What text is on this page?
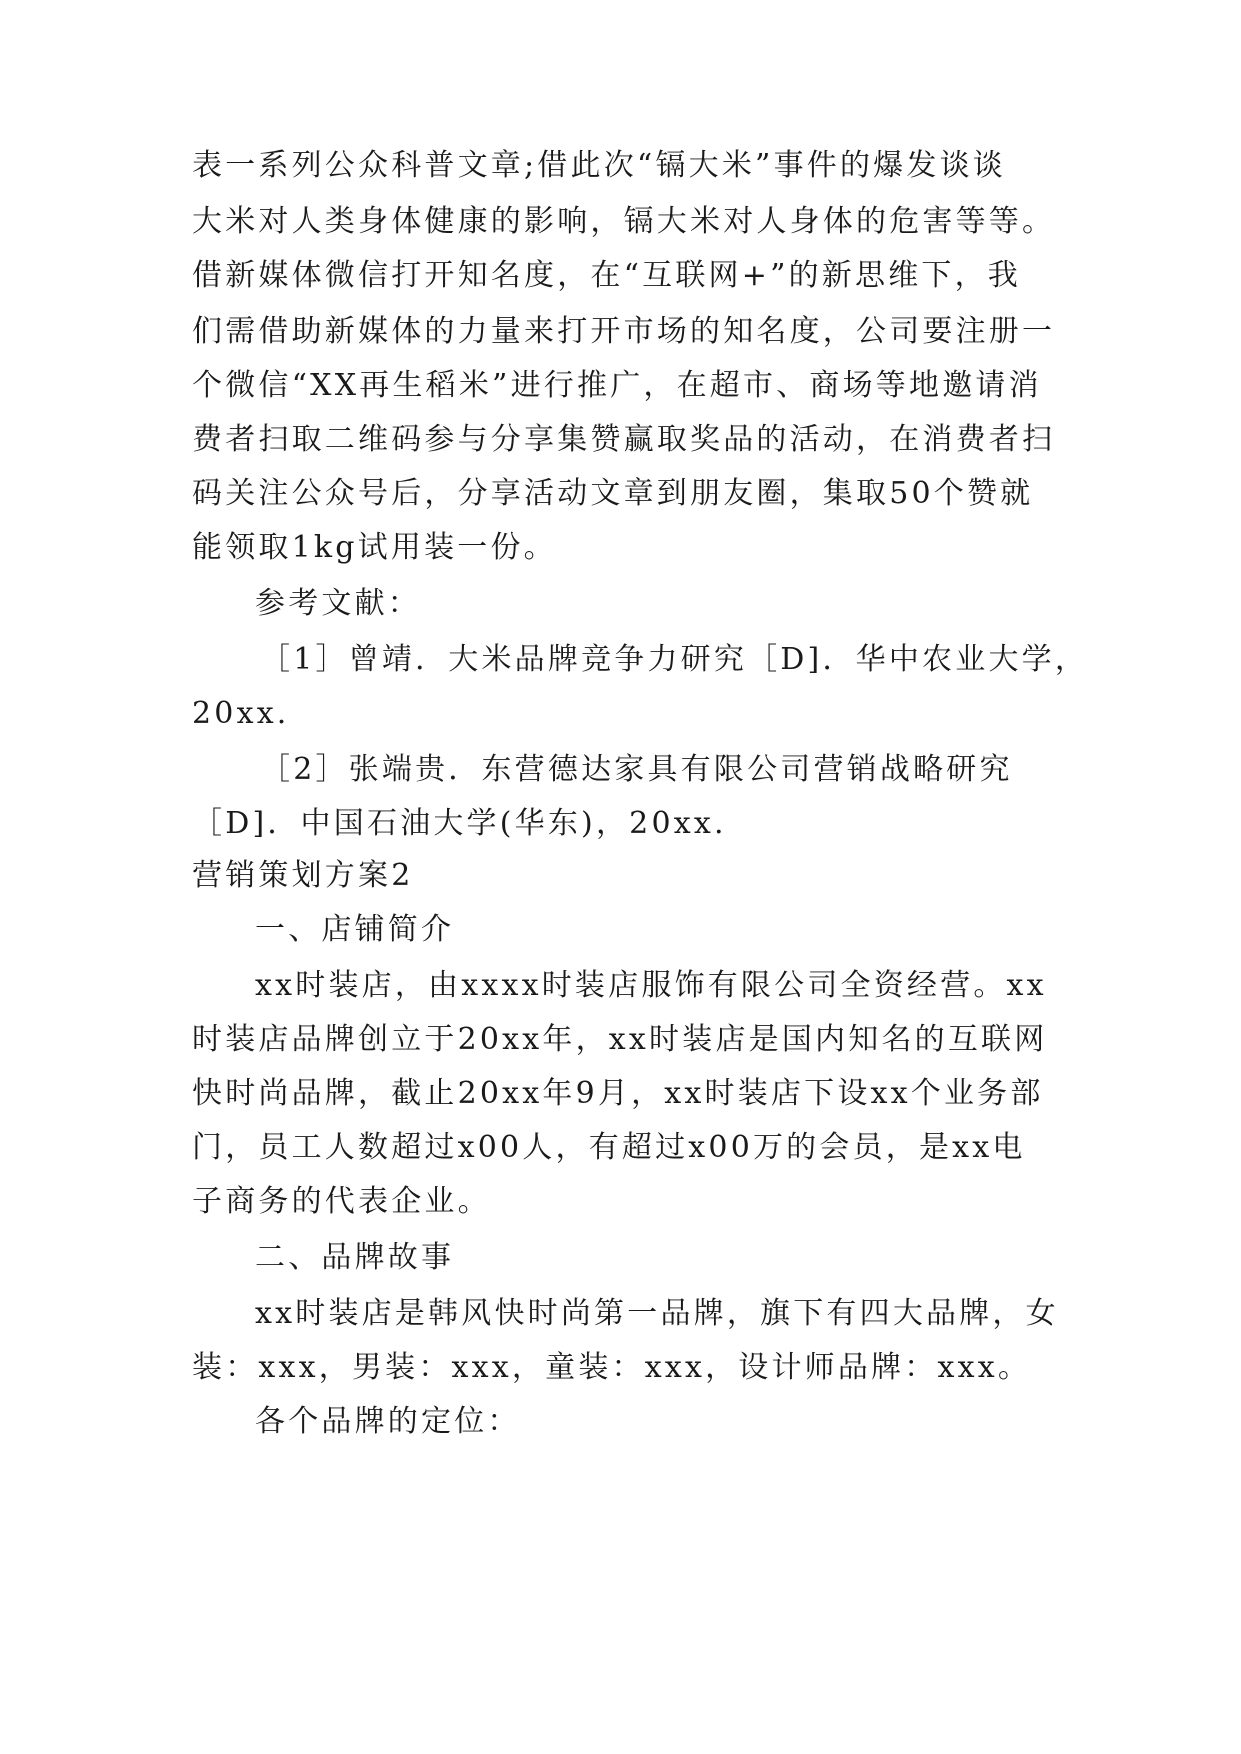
表一系列公众科普文章;借此次“镉大米”事件的爆发谈谈
大米对人类身体健康的影响，镉大米对人身体的危害等等。
借新媒体微信打开知名度，在“互联网+”的新思维下，我
们需借助新媒体的力量来打开市场的知名度，公司要注册一
个微信“XX再生稻米”进行推广，在超市、商场等地邀请消
费者扫取二维码参与分享集赞赢取奖品的活动，在消费者扫
码关注公众号后，分享活动文章到朋友圈，集取50个赞就
能领取1kg试用装一份。
参考文献：
［1］曾靖．大米品牌竞争力研究［D]．华中农业大学，
20xx.
［2］张端贵．东营德达家具有限公司营销战略研究
［D]．中国石油大学(华东)，20xx.
营销策划方案2
一、店铺简介
xx时装店，由xxxx时装店服饰有限公司全资经营。xx
时装店品牌创立于20xx年，xx时装店是国内知名的互联网
快时尚品牌，截止20xx年9月，xx时装店下设xx个业务部
门，员工人数超过x00人，有超过x00万的会员，是xx电
子商务的代表企业。
二、品牌故事
xx时装店是韩风快时尚第一品牌，旗下有四大品牌，女
装：xxx，男装：xxx，童装：xxx，设计师品牌：xxx。
各个品牌的定位：
